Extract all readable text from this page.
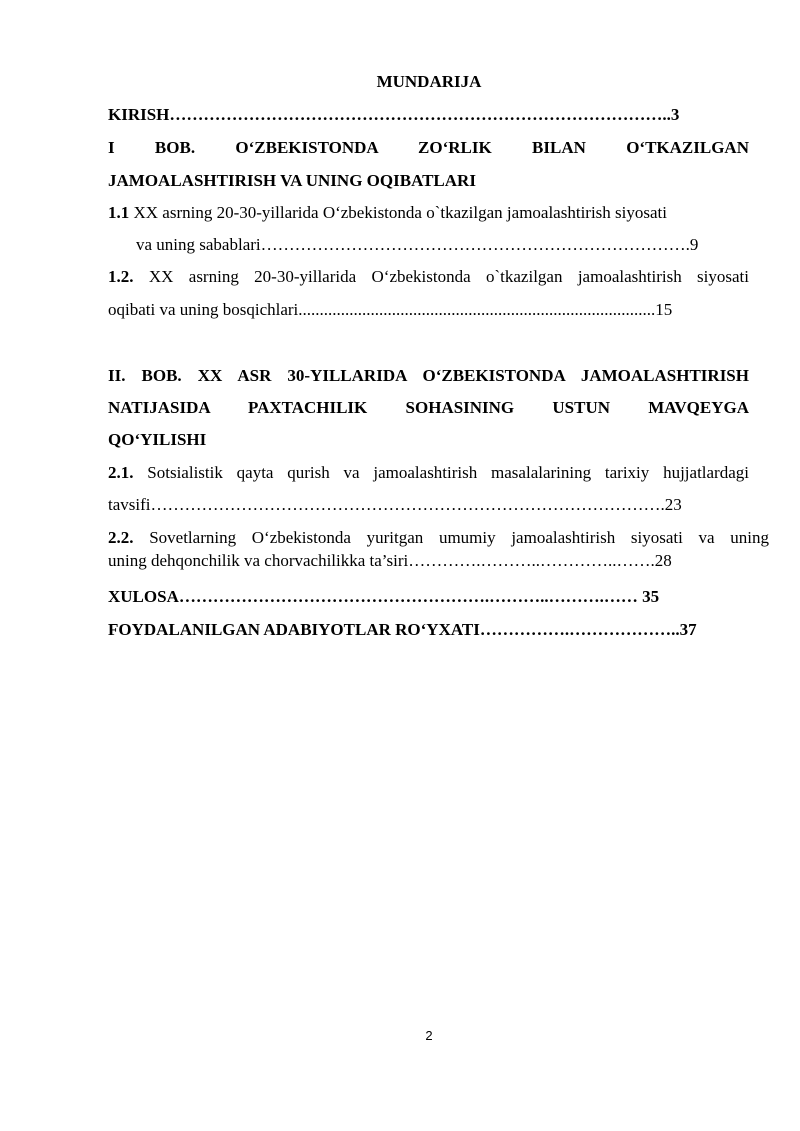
MUNDARIJA
KIRISH……………………………………………………………………………..3
I BOB. O‘ZBEKISTONDA ZO‘RLIK BILAN O‘TKAZILGAN
JAMOALASHTIRISH VA UNING OQIBATLARI
1.1 XX asrning 20-30-yillarida O‘zbekistonda o`tkazilgan jamoalashtirish siyosati
va uning sabablari………………………………………………………………….9
1.2. XX asrning 20-30-yillarida O‘zbekistonda o`tkazilgan jamoalashtirish siyosati
oqibati va uning bosqichlari....................................................................................15
II. BOB. XX ASR 30-YILLARIDA O‘ZBEKISTONDA JAMOALASHTIRISH
NATIJASIDA PAXTACHILIK SOHASINING USTUN MAVQEYGA
QO‘YILISHI
2.1. Sotsialistik qayta qurish va jamoalashtirish masalalarining tarixiy hujjatlardagi
tavsifi……………………………………………………………………………….23
2.2. Sovetlarning O‘zbekistonda yuritgan umumiy jamoalashtirish siyosati va uning
uning dehqonchilik va chorvachilikka ta’siri………….………..…………..…….28
XULOSA……………………………………………….………..……….…… 35
FOYDALANILGAN ADABIYOTLAR RO‘YXATI…………….………………..37
2
